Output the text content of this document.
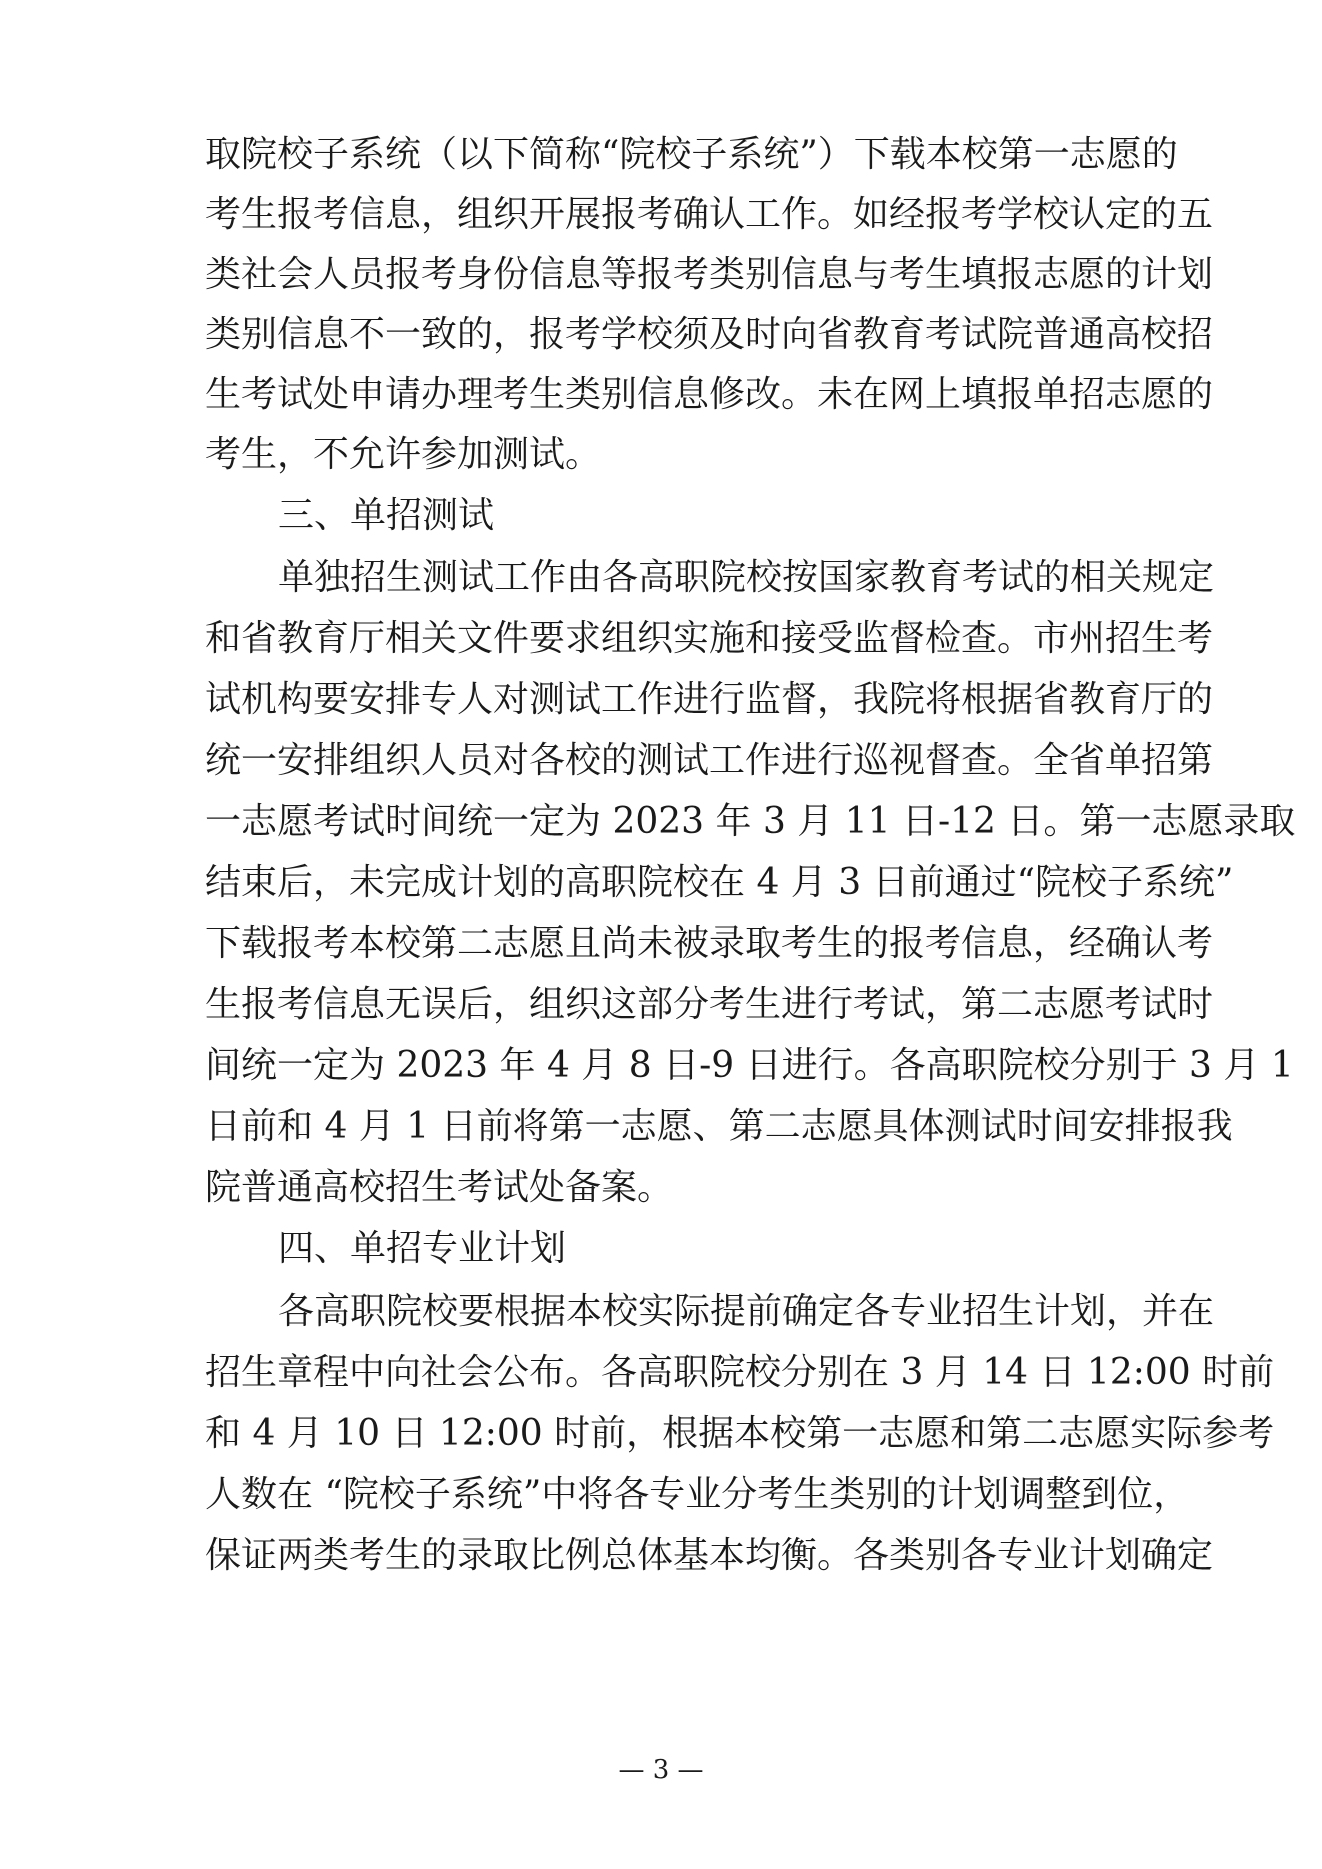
取院校子系统（以下简称“院校子系统”）下载本校第一志愿的
考生报考信息，组织开展报考确认工作。如经报考学校认定的五
类社会人员报考身份信息等报考类别信息与考生填报志愿的计划
类别信息不一致的，报考学校须及时向省教育考试院普通高校招
生考试处申请办理考生类别信息修改。未在网上填报单招志愿的
考生，不允许参加测试。
三、单招测试
单独招生测试工作由各高职院校按国家教育考试的相关规定
和省教育厅相关文件要求组织实施和接受监督检查。市州招生考
试机构要安排专人对测试工作进行监督，我院将根据省教育厅的
统一安排组织人员对各校的测试工作进行巡视督查。全省单招第
一志愿考试时间统一定为 2023 年 3 月 11 日-12 日。第一志愿录取
结束后，未完成计划的高职院校在 4 月 3 日前通过“院校子系统”
下载报考本校第二志愿且尚未被录取考生的报考信息，经确认考
生报考信息无误后，组织这部分考生进行考试，第二志愿考试时
间统一定为 2023 年 4 月 8 日-9 日进行。各高职院校分别于 3 月 1
日前和 4 月 1 日前将第一志愿、第二志愿具体测试时间安排报我
院普通高校招生考试处备案。
四、单招专业计划
各高职院校要根据本校实际提前确定各专业招生计划，并在
招生章程中向社会公布。各高职院校分别在 3 月 14 日 12:00 时前
和 4 月 10 日 12:00 时前，根据本校第一志愿和第二志愿实际参考
人数在 “院校子系统”中将各专业分考生类别的计划调整到位，
保证两类考生的录取比例总体基本均衡。各类别各专业计划确定
— 3 —
